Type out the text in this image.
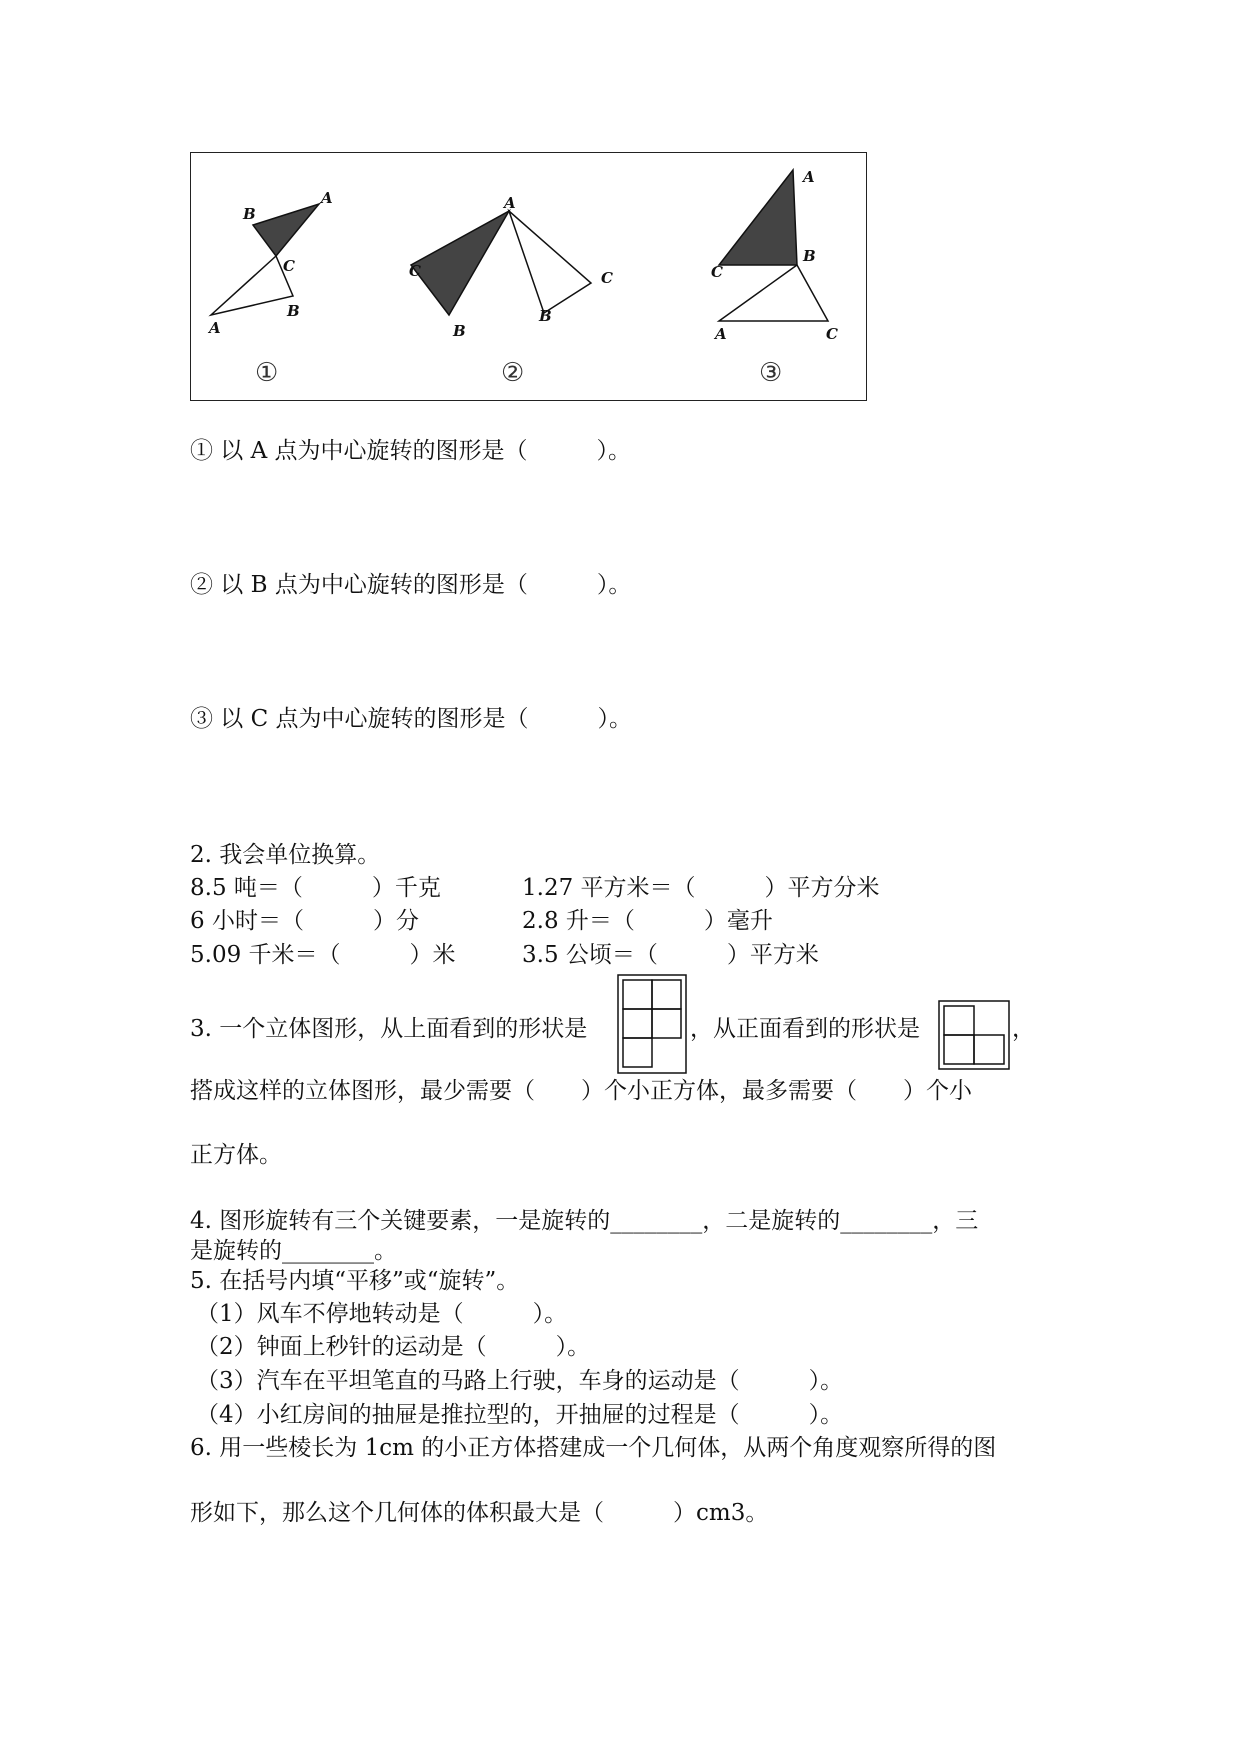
B
A
C
B
A
①
A
C
B
B
C
②
A
C
B
A	C
③
① 以 A 点为中心旋转的图形是（　　　）。
② 以 B 点为中心旋转的图形是（　　　）。
③ 以 C 点为中心旋转的图形是（　　　）。
2. 我会单位换算。
8.5 吨＝（　　　）千克	1.27 平方米＝（　　　）平方分米
6 小时＝（　　　）分	2.8 升＝（　　　）毫升
5.09 千米＝（　　　）米	3.5 公顷＝（　　　）平方米
3. 一个立体图形，从上面看到的形状是	，从正面看到的形状是	，
搭成这样的立体图形，最少需要（　　）个小正方体，最多需要（　　）个小
正方体。
4. 图形旋转有三个关键要素，一是旋转的________，二是旋转的________，三
是旋转的________。
5. 在括号内填“平移”或“旋转”。
（1）风车不停地转动是（　　　）。
（2）钟面上秒针的运动是（　　　）。
（3）汽车在平坦笔直的马路上行驶，车身的运动是（　　　）。
（4）小红房间的抽屉是推拉型的，开抽屉的过程是（　　　）。
6. 用一些棱长为 1cm 的小正方体搭建成一个几何体，从两个角度观察所得的图
形如下，那么这个几何体的体积最大是（　　　）cm3。
